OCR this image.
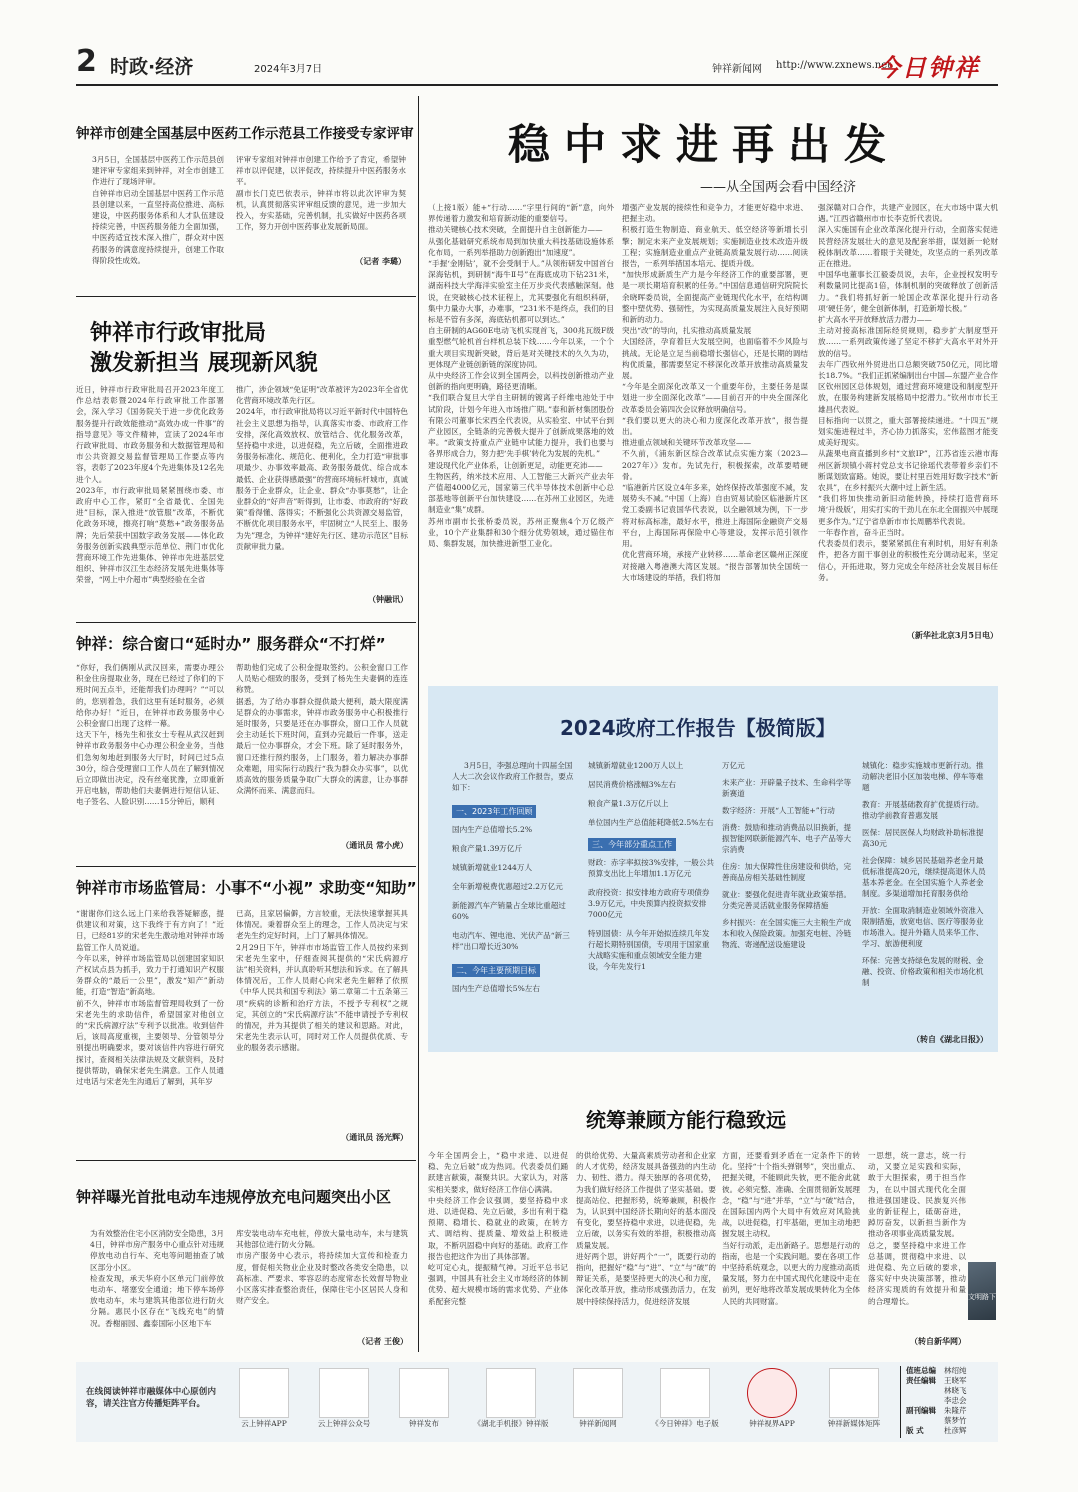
2 时政·经济	2024年3月7日	钟祥新闻网 http://www.zxnews.net
今日钟祥
钟祥市创建全国基层中医药工作示范县工作接受专家评审
3月5日，全国基层中医药工作示范县创建评审专家组来到钟祥，对全市创建工作进行了现场评审。
自钟祥市启动全国基层中医药工作示范县创建以来，一直坚持高位推进、高标建设，中医药服务体系和人才队伍建设持续完善，中医药服务能力全面加强，中医药适宜技术深入推广，群众对中医药服务的满意度持续提升，创建工作取得阶段性成效。
评审专家组对钟祥市创建工作给予了肯定，希望钟祥市以评促建，以评促改，持续提升中医药服务水平。
副市长门克巴依表示，钟祥市将以此次评审为契机，认真贯彻落实评审组反馈的意见，进一步加大投入，夯实基础，完善机制，扎实做好中医药各项工作，努力开创中医药事业发展新局面。
（记者 李璐）
钟祥市行政审批局
激发新担当 展现新风貌
近日，钟祥市行政审批局召开2023年度工作总结表彰暨2024年行政审批工作部署会，深入学习《国务院关于进一步优化政务服务提升行政效能推动“高效办成一件事”的指导意见》等文件精神，宣读了2024年市行政审批局、市政务服务和大数据管理局和市公共资源交易监督管理局工作要点等内容，表彰了2023年度4个先进集体及12名先进个人。
2023年，市行政审批局紧紧围绕市委、市政府中心工作，紧盯“全省最优、全国先进”目标，深入推进“放管服”改革，不断优化政务环境，擦亮打响“莫愁+”政务服务品牌；先后荣获中国数字政务发展——体化政务服务创新实践典型示范单位、荆门市优化营商环境工作先进集体、钟祥市先进基层党组织、钟祥市汉江生态经济发展先进集体等荣誉，“网上中介超市”典型经验在全省
推广，涉企领域“免证明”改革被评为2023年全省优化营商环境改革先行区。
2024年，市行政审批局将以习近平新时代中国特色社会主义思想为指导，认真落实市委、市政府工作安排，深化高效放权、放管结合、优化服务改革，坚持稳中求进，以进促稳，先立后破，全面推进政务服务标准化、规范化、便利化，全力打造“审批事项最少、办事效率最高、政务服务最优、综合成本最低、企业获得感最强”的营商环境标杆城市，真诚服务于企业群众，让企业、群众“办事莫愁”，让企业群众的“好声音”听得到，让市委、市政府的“好政策”看得懂、落得实；不断强化公共资源交易监管，不断优化项目服务水平，牢固树立“人民至上、服务为先”理念，为钟祥“建好先行区、建功示范区”目标贡献审批力量。
（钟融讯）
钟祥：综合窗口“延时办” 服务群众“不打烊”
“你好，我们俩刚从武汉回来，需要办理公积金住房提取业务，现在已经过了你们的下班时间五点半，还能帮我们办理吗？”“可以的，您别着急，我们这里有延时服务，必须给你办好！”近日，在钟祥市政务服务中心公积金窗口出现了这样一幕。
这天下午，杨先生和张女士专程从武汉赶到钟祥市政务服务中心办理公积金业务，当他们急匆匆地赶到服务大厅时，时间已过5点30分，综合受理窗口工作人员在了解到情况后立即做出决定，没有丝毫犹豫，立即重新开启电脑，帮助他们夫妻俩进行短信认证、电子签名、人脸识别……15分钟后，顺利
帮助他们完成了公积金提取签约。公积金窗口工作人员贴心细致的服务，受到了杨先生夫妻俩的连连称赞。
据悉，为了给办事群众提供最大便利，最大限度满足群众的办事需求，钟祥市政务服务中心积极推行延时服务，只要是还在办事群众，窗口工作人员就会主动延长下班时间，直到办完最后一件事，送走最后一位办事群众，才会下班。除了延时服务外，窗口还推行预约服务，上门服务，着力解决办事群众难题，用实际行动践行“我为群众办实事”，以优质高效的服务质量争取广大群众的满意，让办事群众满怀而来、满意而归。
（通讯员 常小虎）
钟祥市市场监管局：小事不“小视” 求助变“知助”
“谢谢你们这么远上门来给我答疑解惑，提供建议和对策，这下我终于有方向了！”近日，已经81岁的宋老先生激动地对钟祥市场监管工作人员说道。
今年以来，钟祥市场监管局以创建国家知识产权试点县为抓手，致力于打通知识产权服务群众的“最后一公里”，激发“知产”新动能，打造“智造”新高地。
前不久，钟祥市市场监督管理局收到了一份宋老先生的求助信件，希望国家对他创立的“宋氏病源疗法”专利予以批准。收到信件后，该局高度重视，主要领导、分管领导分别提出明确要求，要对该信件内容进行研究探讨，查阅相关法律法规及文献资料，及时提供帮助，确保宋老先生满意。工作人员通过电话与宋老先生沟通后了解到，其年岁
已高，且家居偏僻，方言较重，无法快速掌握其具体情况。秉着群众至上的理念，工作人员决定与宋老先生约定好时间，上门了解具体情况。
2月29日下午，钟祥市市场监管工作人员按约来到宋老先生家中，仔细查阅其提供的“宋氏病源疗法”相关资料，并认真聆听其想法和诉求。在了解具体情况后，工作人员耐心向宋老先生解释了依照《中华人民共和国专利法》第二章第二十五条第三项“疾病的诊断和治疗方法，不授予专利权”之规定，其创立的“宋氏病源疗法”不能申请授予专利权的情况，并为其提供了相关的建议和思路。对此，宋老先生表示认可，同时对工作人员提供优质、专业的服务表示感谢。
（通讯员 汤光辉）
钟祥曝光首批电动车违规停放充电问题突出小区
为有效整治住宅小区消防安全隐患，3月4日，钟祥市房产服务中心重点针对违规停放电动自行车、充电等问题抽查了城区部分小区。
检查发现，承天华府小区单元门前停放电动车、堵塞安全通道；地下停车场停放电动车，未与建筑其他部位进行防火分隔。惠民小区存在“飞线充电”的情况。香榭丽园、鑫泰国际小区地下车
库安装电动车充电桩，停放大量电动车，未与建筑其他部位进行防火分隔。
市房产服务中心表示，将持续加大宣传和检查力度，督促相关物业企业及时整改各类安全隐患，以高标准、严要求、零容忍的态度常态长效督导物业小区落实排查整治责任，保障住宅小区居民人身和财产安全。
（记者 王俊）
稳中求进再出发
——从全国两会看中国经济
（上接1版）能+“行动……“字里行间的“新”意，向外界传递着力激发和培育新动能的重要信号。
推动关键核心技术突破，全面提升自主创新能力——
从强化基础研究系统布局到加快重大科技基础设施体系化布局，一系列举措助力创新跑出“加速度”。
“手握‘金刚钻’，就不会受制于人。”从领衔研发中国首台深海钻机，到研制“海牛Ⅱ号”在海底成功下钻231米，湖南科技大学海洋实验室主任万步炎代表感触深刻。他说，在突破核心技术征程上，尤其要强化有组织科研，集中力量办大事，办难事，“231米不是终点，我们的目标是不管有多深，海底钻机都可以到达。”
自主研制的AG60E电动飞机实现首飞，300兆瓦级F级重型燃气轮机首台样机总装下线……今年以来，一个个重大项目实现新突破，背后是对关键技术的久久为功，更体现产业链创新链的深度协同。
从中央经济工作会议到全国两会，以科技创新推动产业创新的指向更明确，路径更清晰。
“我们联合复旦大学自主研制的镀离子纤维电池处于中试阶段，计划今年进入市场推广期。”泰和新材集团股份有限公司董事长宋西全代表说，从实验室、中试平台到产业园区，全链条的完善极大提升了创新成果落地的效率。“政策支持重点产业链中试能力提升，我们也要与各界形成合力，努力把‘先手棋’转化为发展的先机。”
建设现代化产业体系，让创新更足，动能更充沛——
生物医药，纳米技术应用、人工智能三大新兴产业去年产值超4000亿元，国家第三代半导体技术创新中心总部基地等创新平台加快建设……在苏州工业园区，先进制造业“集”成群。
苏州市副市长张桥委员说，苏州正聚焦4个万亿级产业，10个产业集群和30个细分优势领域，通过锚住布局、集群发展，加快推进新型工业化。
增强产业发展的接续性和竞争力，才能更好稳中求进、把握主动。
积极打造生物制造、商业航天、低空经济等新增长引擎；制定未来产业发展规划；实施制造业技术改造升级工程；实施制造业重点产业链高质量发展行动……阅读报告，一系列举措国本培元、提质升级。
“加快形成新质生产力是今年经济工作的重要部署，更是一项长期培育积累的任务。”中国信息通信研究院院长余晓晖委员说，全面提高产业链现代化水平，在结构调整中塑优势、强韧性，为实现高质量发展注入良好预期和新的动力。
突出“改”的导向，扎实推动高质量发展
大国经济，孕育着巨大发展空间，也面临着不少风险与挑战。无论是立足当前稳增长强信心，还是长期的调结构优质量，都需要坚定不移深化改革开放推动高质量发展。
“今年是全面深化改革又一个重要年份，主要任务是谋划进一步全面深化改革”——目前召开的中央全面深化改革委员会第四次会议释放明确信号。
“我们要以更大的决心和力度深化改革开放”，报告提出。
推进重点领域和关键环节改革攻坚——
不久前，《浦东新区综合改革试点实施方案（2023—2027年）》发布。先试先行，积极探索，改革要啃硬骨。
“临港新片区设立4年多来，始终保持改革强度不减，发展势头不减。”中国（上海）自由贸易试验区临港新片区党工委副书记袁国华代表说，以全融领域为例，下一步将对标高标准，最好水平，推进上海国际金融资产交易平台，上海国际再保险中心等建设，发挥示范引领作用。
优化营商环境，承接产业转移……革命老区赣州正深度对接融入粤港澳大湾区发展。“报告部署加快全国统一大市场建设的举措，我们将加
强深赣对口合作，共建产业园区，在大市场中谋大机遇。”江西省赣州市市长李克忻代表说。
深入实施国有企业改革深化提升行动，全面落实促进民营经济发展壮大的意见及配套举措，谋划新一轮财税体制改革……着眼于关键处，攻坚点的一系列改革正在推进。
中国华电董事长江毅委员说，去年，企业授权发明专利数量同比提高1倍，体制机制的突破释放了创新活力。“我们将抓好新一轮国企改革深化提升行动各项‘硬任务’，健全创新体制，打造新增长极。”
扩大高水平开放释放活力潜力——
主动对接高标准国际经贸规则，稳步扩大制度型开放……一系列政策传递了坚定不移扩大高水平对外开放的信号。
去年广西钦州外贸进出口总额突破750亿元，同比增长18.7%。“我们正抓紧编制出台中国—东盟产业合作区钦州园区总体规划，通过营商环境建设和制度型开放，在服务构建新发展格局中挖潜力。”钦州市市长王雄昌代表说。
目标指向一以贯之，重大部署接续递进。“十四五”规划实施进程过半，齐心协力抓落实，宏伟蓝图才能变成美好现实。
从蔬果电商直播到乡村“文旅IP”，江苏省连云港市海州区新坝镇小蒋村党总支书记徐瑶代表带着乡亲们不断谋划致富路。她说，要让村里百姓用好数字技术“新农具”，在乡村振兴大潮中过上新生活。
“我们将加快推动新旧动能转换，持续打造营商环境‘升级版’，用实打实的干劲儿在东北全面振兴中展现更多作为。”辽宁省阜新市市长周鹏举代表说。
一年春作首，奋斗正当时。
代表委员们表示，要紧紧抓住有利时机，用好有利条件，把各方面干事创业的积极性充分调动起来，坚定信心，开拓进取，努力完成全年经济社会发展目标任务。
（新华社北京3月5日电）
2024政府工作报告【极简版】

3月5日，李强总理向十四届全国人大二次会议作政府工作报告，要点如下：

一、2023年工作回顾

国内生产总值增长5.2%

粮食产量1.39万亿斤

城镇新增就业1244万人

全年新增税费优惠超过2.2万亿元

新能源汽车产销量占全球比重超过60%

电动汽车、锂电池、光伏产品“新三样”出口增长近30%

二、今年主要预期目标

国内生产总值增长5%左右

城镇新增就业1200万人以上

居民消费价格涨幅3%左右

粮食产量1.3万亿斤以上

单位国内生产总值能耗降低2.5%左右

三、今年部分重点工作

财政：赤字率拟按3%安排，一般公共预算支出比上年增加1.1万亿元

政府投资：拟安排地方政府专项债券3.9万亿元，中央预算内投资拟安排7000亿元

特别国债：从今年开始拟连续几年发行超长期特别国债，专项用于国家重大战略实施和重点领域安全能力建设，今年先发行1

万亿元

未来产业：开辟量子技术、生命科学等新赛道

数字经济：开展“人工智能+”行动

消费：鼓励和推动消费品以旧换新，提振智能网联新能源汽车、电子产品等大宗消费

住房：加大保障性住房建设和供给，完善商品房相关基础性制度

就业：要强化促进青年就业政策举措。分类完善灵活就业服务保障措施

乡村振兴：在全国实施三大主粮生产成本和收入保险政策。加强充电桩、冷链物流、寄递配送设施建设

城镇化：稳步实施城市更新行动。推动解决老旧小区加装电梯、停车等难题

教育：开展基础教育扩优提质行动。推动学前教育普惠发展

医保：居民医保人均财政补助标准提高30元

社会保障：城乡居民基础养老金月最低标准提高20元，继续提高退休人员基本养老金。在全国实施个人养老金制度。多渠道增加托育服务供给

开放：全面取消制造业领域外资准入限制措施，放宽电信、医疗等服务业市场准入。提升外籍人员来华工作、学习、旅游便利度

环保：完善支持绿色发展的财税、金融、投资、价格政策和相关市场化机制

（转自《湖北日报》）
统筹兼顾方能行稳致远
今年全国两会上，“稳中求进、以进促稳、先立后破”成为热词。代表委员们踊跃建言献策，凝聚共识。大家认为，对落实相关要求，做好经济工作信心满满。
中央经济工作会议强调，要坚持稳中求进、以进促稳、先立后破，多出有利于稳预期、稳增长、稳就业的政策，在转方式、调结构、提质量、增效益上积极进取，不断巩固稳中向好的基础。政府工作报告也把这作为出了具体部署。
屹可定心丸，提振精气神。习近平总书记强调，中国具有社会主义市场经济的体制优势、超大规模市场的需求优势、产业体系配套完整
的供给优势、大量高素质劳动者和企业家的人才优势，经济发展具备强劲的内生动力、韧性、潜力。得天独厚的各项优势，为我们做好经济工作提供了坚实基础。要提高站位、把握形势，统筹兼顾，积极作为，认识到中国经济长期向好的基本面没有变化，要坚持稳中求进，以进促稳，先立后破，以务实有效的举措，积极推动高质量发展。
进好两个思，讲好两个“一”，既要行动的指向，把握好“稳”与“进”、“立”与“破”的辩证关系，是要坚持更大的决心和力度，深化改革开放，推动形成强劲活力，在发展中持续保持活力，促进经济发展
方面，还要看到矛盾在一定条件下的转化。坚持“十个指头弹钢琴”，突出重点、把握关键，不能顾此失彼，更不能舍此就彼。必须完整、准确、全面贯彻新发展理念，“稳”与“进”并举，“立”与“破”结合，在国际国内两个大局中有效应对风险挑战，以进促稳，打牢基础，更加主动地把握发展主动权。
当好行动派，走出新路子。思想是行动的指南，也是一个实践问题。要在各项工作中坚持系统观念，以更大的力度推动高质量发展，努力在中国式现代化建设中走在前列，更好地将改革发展成果转化为全体人民的共同财富。
一思想，统一意志，统一行动，又要立足实践和实际，敢于大胆探索，勇于担当作为，在以中国式现代化全面推进强国建设、民族复兴伟业的新征程上，砥砺奋进，踔厉奋发，以新担当新作为推动各项事业高质量发展。
总之，要坚持稳中求进工作总基调，贯彻稳中求进、以进促稳、先立后破的要求，落实好中央决策部署，推动经济实现质的有效提升和量的合理增长。	文明路下
（转自新华网）
在线阅读钟祥市融媒体中心原创内容，请关注官方传播矩阵平台。
云上钟祥APP	云上钟祥公众号	钟祥发布	《湖北手机报》钟祥版	钟祥新闻网	《今日钟祥》电子版	钟祥视界APP	钟祥新媒体矩阵
值班总编	林绍纯
责任编辑	王晓军 林晓飞 李忠会
副刊编辑	朱隆芹 蔡梦竹
版 式	杜彦辉
